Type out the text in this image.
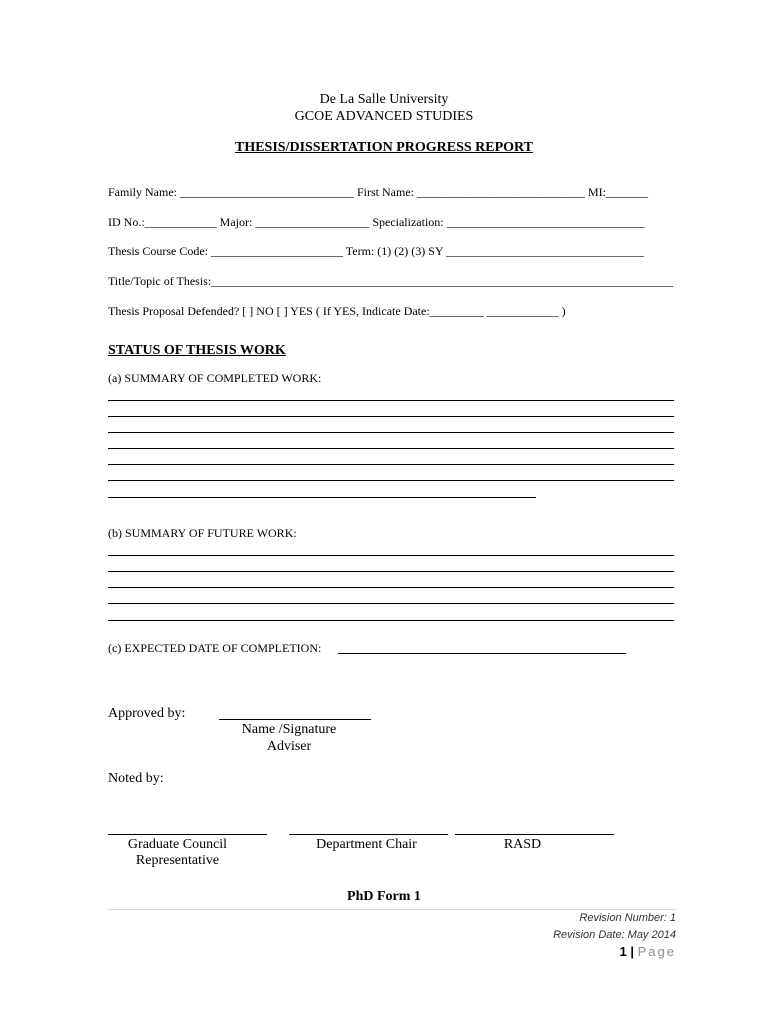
De La Salle University
GCOE ADVANCED STUDIES
THESIS/DISSERTATION PROGRESS REPORT
Family Name: _____________________________ First Name: ____________________________ MI:_______
ID No.:____________ Major: ___________________ Specialization: _________________________________
Thesis Course Code: ______________________ Term: (1) (2) (3) SY _________________________________
Title/Topic of Thesis:_____________________________________________________________________________
Thesis Proposal Defended? [ ] NO [ ] YES ( If YES, Indicate Date:_________ ____________ )
STATUS OF THESIS WORK
(a) SUMMARY OF COMPLETED WORK:
(b) SUMMARY OF FUTURE WORK:
(c) EXPECTED DATE OF COMPLETION:
Approved by:
Name /Signature
Adviser
Noted by:
Graduate Council
Representative
Department Chair	RASD
PhD Form 1
Revision Number: 1
Revision Date: May 2014
1 | Page
